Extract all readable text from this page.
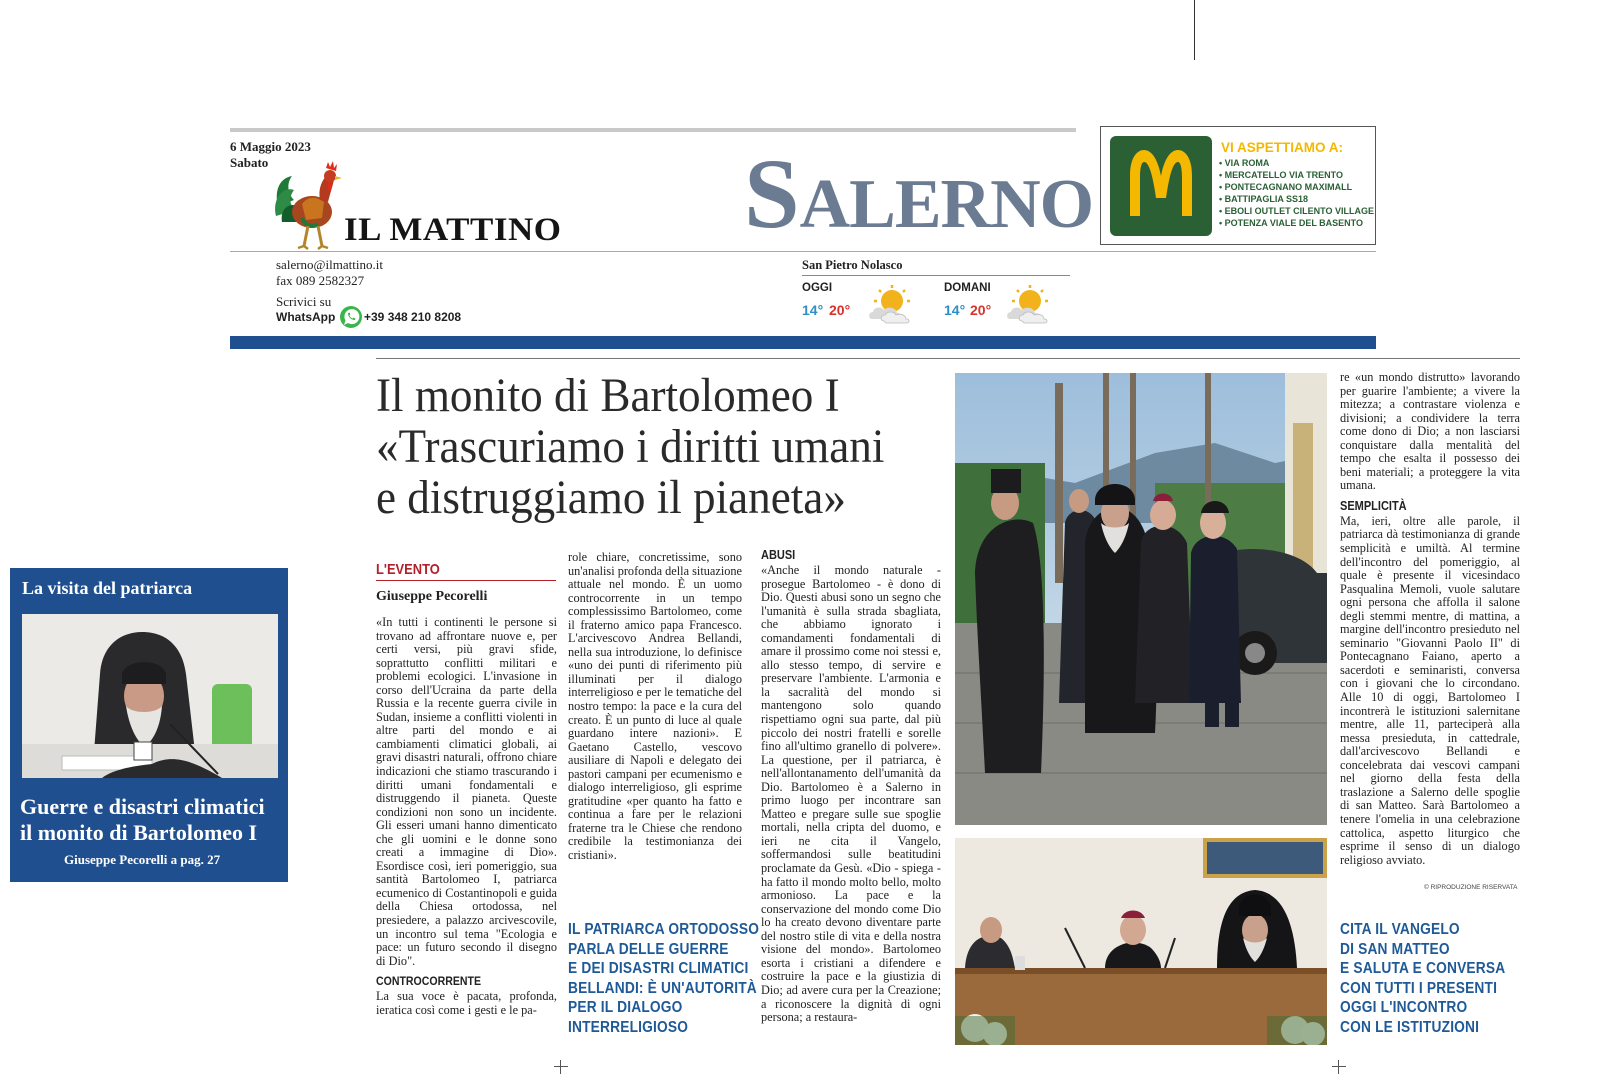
6 Maggio 2023
Sabato
IL MATTINO SALERNO
VI ASPETTIAMO A:
• VIA ROMA
• MERCATELLO VIA TRENTO
• PONTECAGNANO MAXIMALL
• BATTIPAGLIA SS18
• EBOLI OUTLET CILENTO VILLAGE
• POTENZA VIALE DEL BASENTO
salerno@ilmattino.it
fax 089 2582327
Scrivici su
WhatsApp +39 348 210 8208
San Pietro Nolasco
OGGI
14° 20°
DOMANI
14° 20°
La visita del patriarca
Guerre e disastri climatici
il monito di Bartolomeo I
Giuseppe Pecorelli a pag. 27
Il monito di Bartolomeo I
«Trascuriamo i diritti umani
e distruggiamo il pianeta»
L'EVENTO
Giuseppe Pecorelli

«In tutti i continenti le persone si trovano ad affrontare nuove e, per certi versi, più gravi sfide, soprattutto conflitti militari e problemi ecologici. L'invasione in corso dell'Ucraina da parte della Russia e la recente guerra civile in Sudan, insieme a conflitti violenti in altre parti del mondo e ai cambiamenti climatici globali, ai gravi disastri naturali, offrono chiare indicazioni che stiamo trascurando i diritti umani fondamentali e distruggendo il pianeta. Queste condizioni non sono un incidente. Gli esseri umani hanno dimenticato che gli uomini e le donne sono creati a immagine di Dio». Esordisce così, ieri pomeriggio, sua santità Bartolomeo I, patriarca ecumenico di Costantinopoli e guida della Chiesa ortodossa, nel presiedere, a palazzo arcivescovile, un incontro sul tema "Ecologia e pace: un futuro secondo il disegno di Dio".

CONTROCORRENTE

La sua voce è pacata, profonda, ieratica così come i gesti e le pa-

role chiare, concretissime, sono un'analisi profonda della situazione attuale nel mondo. È un uomo controcorrente in un tempo complessissimo Bartolomeo, come il fraterno amico papa Francesco. L'arcivescovo Andrea Bellandi, nella sua introduzione, lo definisce «uno dei punti di riferimento più illuminati per il dialogo interreligioso e per le tematiche del nostro tempo: la pace e la cura del creato. È un punto di luce al quale guardano intere nazioni». E Gaetano Castello, vescovo ausiliare di Napoli e delegato dei pastori campani per ecumenismo e dialogo interreligioso, gli esprime gratitudine «per quanto ha fatto e continua a fare per le relazioni fraterne tra le Chiese che rendono credibile la testimonianza dei cristiani».

IL PATRIARCA ORTODOSSO
PARLA DELLE GUERRE
E DEI DISASTRI CLIMATICI
BELLANDI: È UN'AUTORITÀ
PER IL DIALOGO
INTERRELIGIOSO
ABUSI

«Anche il mondo naturale - prosegue Bartolomeo - è dono di Dio. Questi abusi sono un segno che l'umanità è sulla strada sbagliata, che abbiamo ignorato i comandamenti fondamentali di amare il prossimo come noi stessi e, allo stesso tempo, di servire e preservare l'ambiente. L'armonia e la sacralità del mondo si mantengono solo quando rispettiamo ogni sua parte, dal più piccolo dei nostri fratelli e sorelle fino all'ultimo granello di polvere». La questione, per il patriarca, è nell'allontanamento dell'umanità da Dio. Bartolomeo è a Salerno in primo luogo per incontrare san Matteo e pregare sulle sue spoglie mortali, nella cripta del duomo, e ieri ne cita il Vangelo, soffermandosi sulle beatitudini proclamate da Gesù. «Dio - spiega - ha fatto il mondo molto bello, molto armonioso. La pace e la conservazione del mondo come Dio lo ha creato devono diventare parte del nostro stile di vita e della nostra visione del mondo». Bartolomeo esorta i cristiani a difendere e costruire la pace e la giustizia di Dio; ad avere cura per la Creazione; a riconoscere la dignità di ogni persona; a restaura-

re «un mondo distrutto» lavorando per guarire l'ambiente; a vivere la mitezza; a contrastare violenza e divisioni; a condividere la terra come dono di Dio; a non lasciarsi conquistare dalla mentalità del tempo che esalta il possesso dei beni materiali; a proteggere la vita umana.

SEMPLICITÀ

Ma, ieri, oltre alle parole, il patriarca dà testimonianza di grande semplicità e umiltà. Al termine dell'incontro del pomeriggio, al quale è presente il vicesindaco Pasqualina Memoli, vuole salutare ogni persona che affolla il salone degli stemmi mentre, di mattina, a margine dell'incontro presieduto nel seminario "Giovanni Paolo II" di Pontecagnano Faiano, aperto a sacerdoti e seminaristi, conversa con i giovani che lo circondano. Alle 10 di oggi, Bartolomeo I incontrerà le istituzioni salernitane mentre, alle 11, parteciperà alla messa presieduta, in cattedrale, dall'arcivescovo Bellandi e concelebrata dai vescovi campani nel giorno della festa della traslazione a Salerno delle spoglie di san Matteo. Sarà Bartolomeo a tenere l'omelia in una celebrazione cattolica, aspetto liturgico che esprime il senso di un dialogo religioso avviato.

© RIPRODUZIONE RISERVATA
CITA IL VANGELO
DI SAN MATTEO
E SALUTA E CONVERSA
CON TUTTI I PRESENTI
OGGI L'INCONTRO
CON LE ISTITUZIONI
